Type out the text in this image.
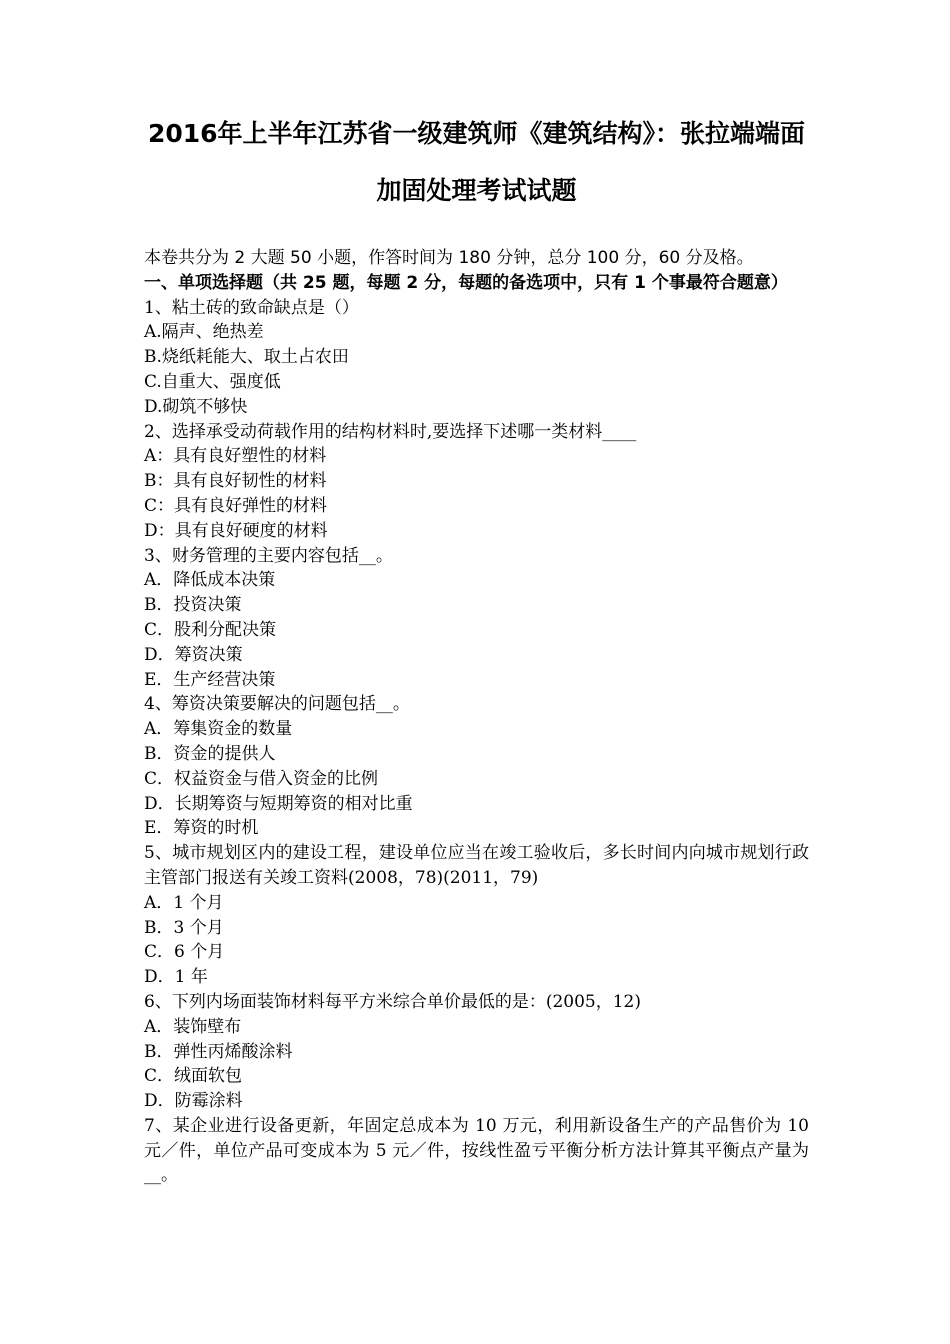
2016年上半年江苏省一级建筑师《建筑结构》：张拉端端面
加固处理考试试题

本卷共分为 2 大题 50 小题，作答时间为 180 分钟，总分 100 分，60 分及格。

一、单项选择题（共 25 题，每题 2 分，每题的备选项中，只有 1 个事最符合题意）

1、粘土砖的致命缺点是（）

A.隔声、绝热差

B.烧纸耗能大、取土占农田

C.自重大、强度低

D.砌筑不够快

2、选择承受动荷载作用的结构材料时,要选择下述哪一类材料____

A：具有良好塑性的材料

B：具有良好韧性的材料

C：具有良好弹性的材料

D：具有良好硬度的材料

3、财务管理的主要内容包括__。

A．降低成本决策

B．投资决策

C．股利分配决策

D．筹资决策

E．生产经营决策

4、筹资决策要解决的问题包括__。

A．筹集资金的数量

B．资金的提供人

C．权益资金与借入资金的比例

D．长期筹资与短期筹资的相对比重

E．筹资的时机

5、城市规划区内的建设工程，建设单位应当在竣工验收后，多长时间内向城市规划行政主管部门报送有关竣工资料(2008，78)(2011，79)

A．1 个月

B．3 个月

C．6 个月

D．1 年

6、下列内场面装饰材料每平方米综合单价最低的是：(2005，12)

A．装饰壁布

B．弹性丙烯酸涂料

C．绒面软包

D．防霉涂料

7、某企业进行设备更新，年固定总成本为 10 万元，利用新设备生产的产品售价为 10 元／件，单位产品可变成本为 5 元／件，按线性盈亏平衡分析方法计算其平衡点产量为__。
